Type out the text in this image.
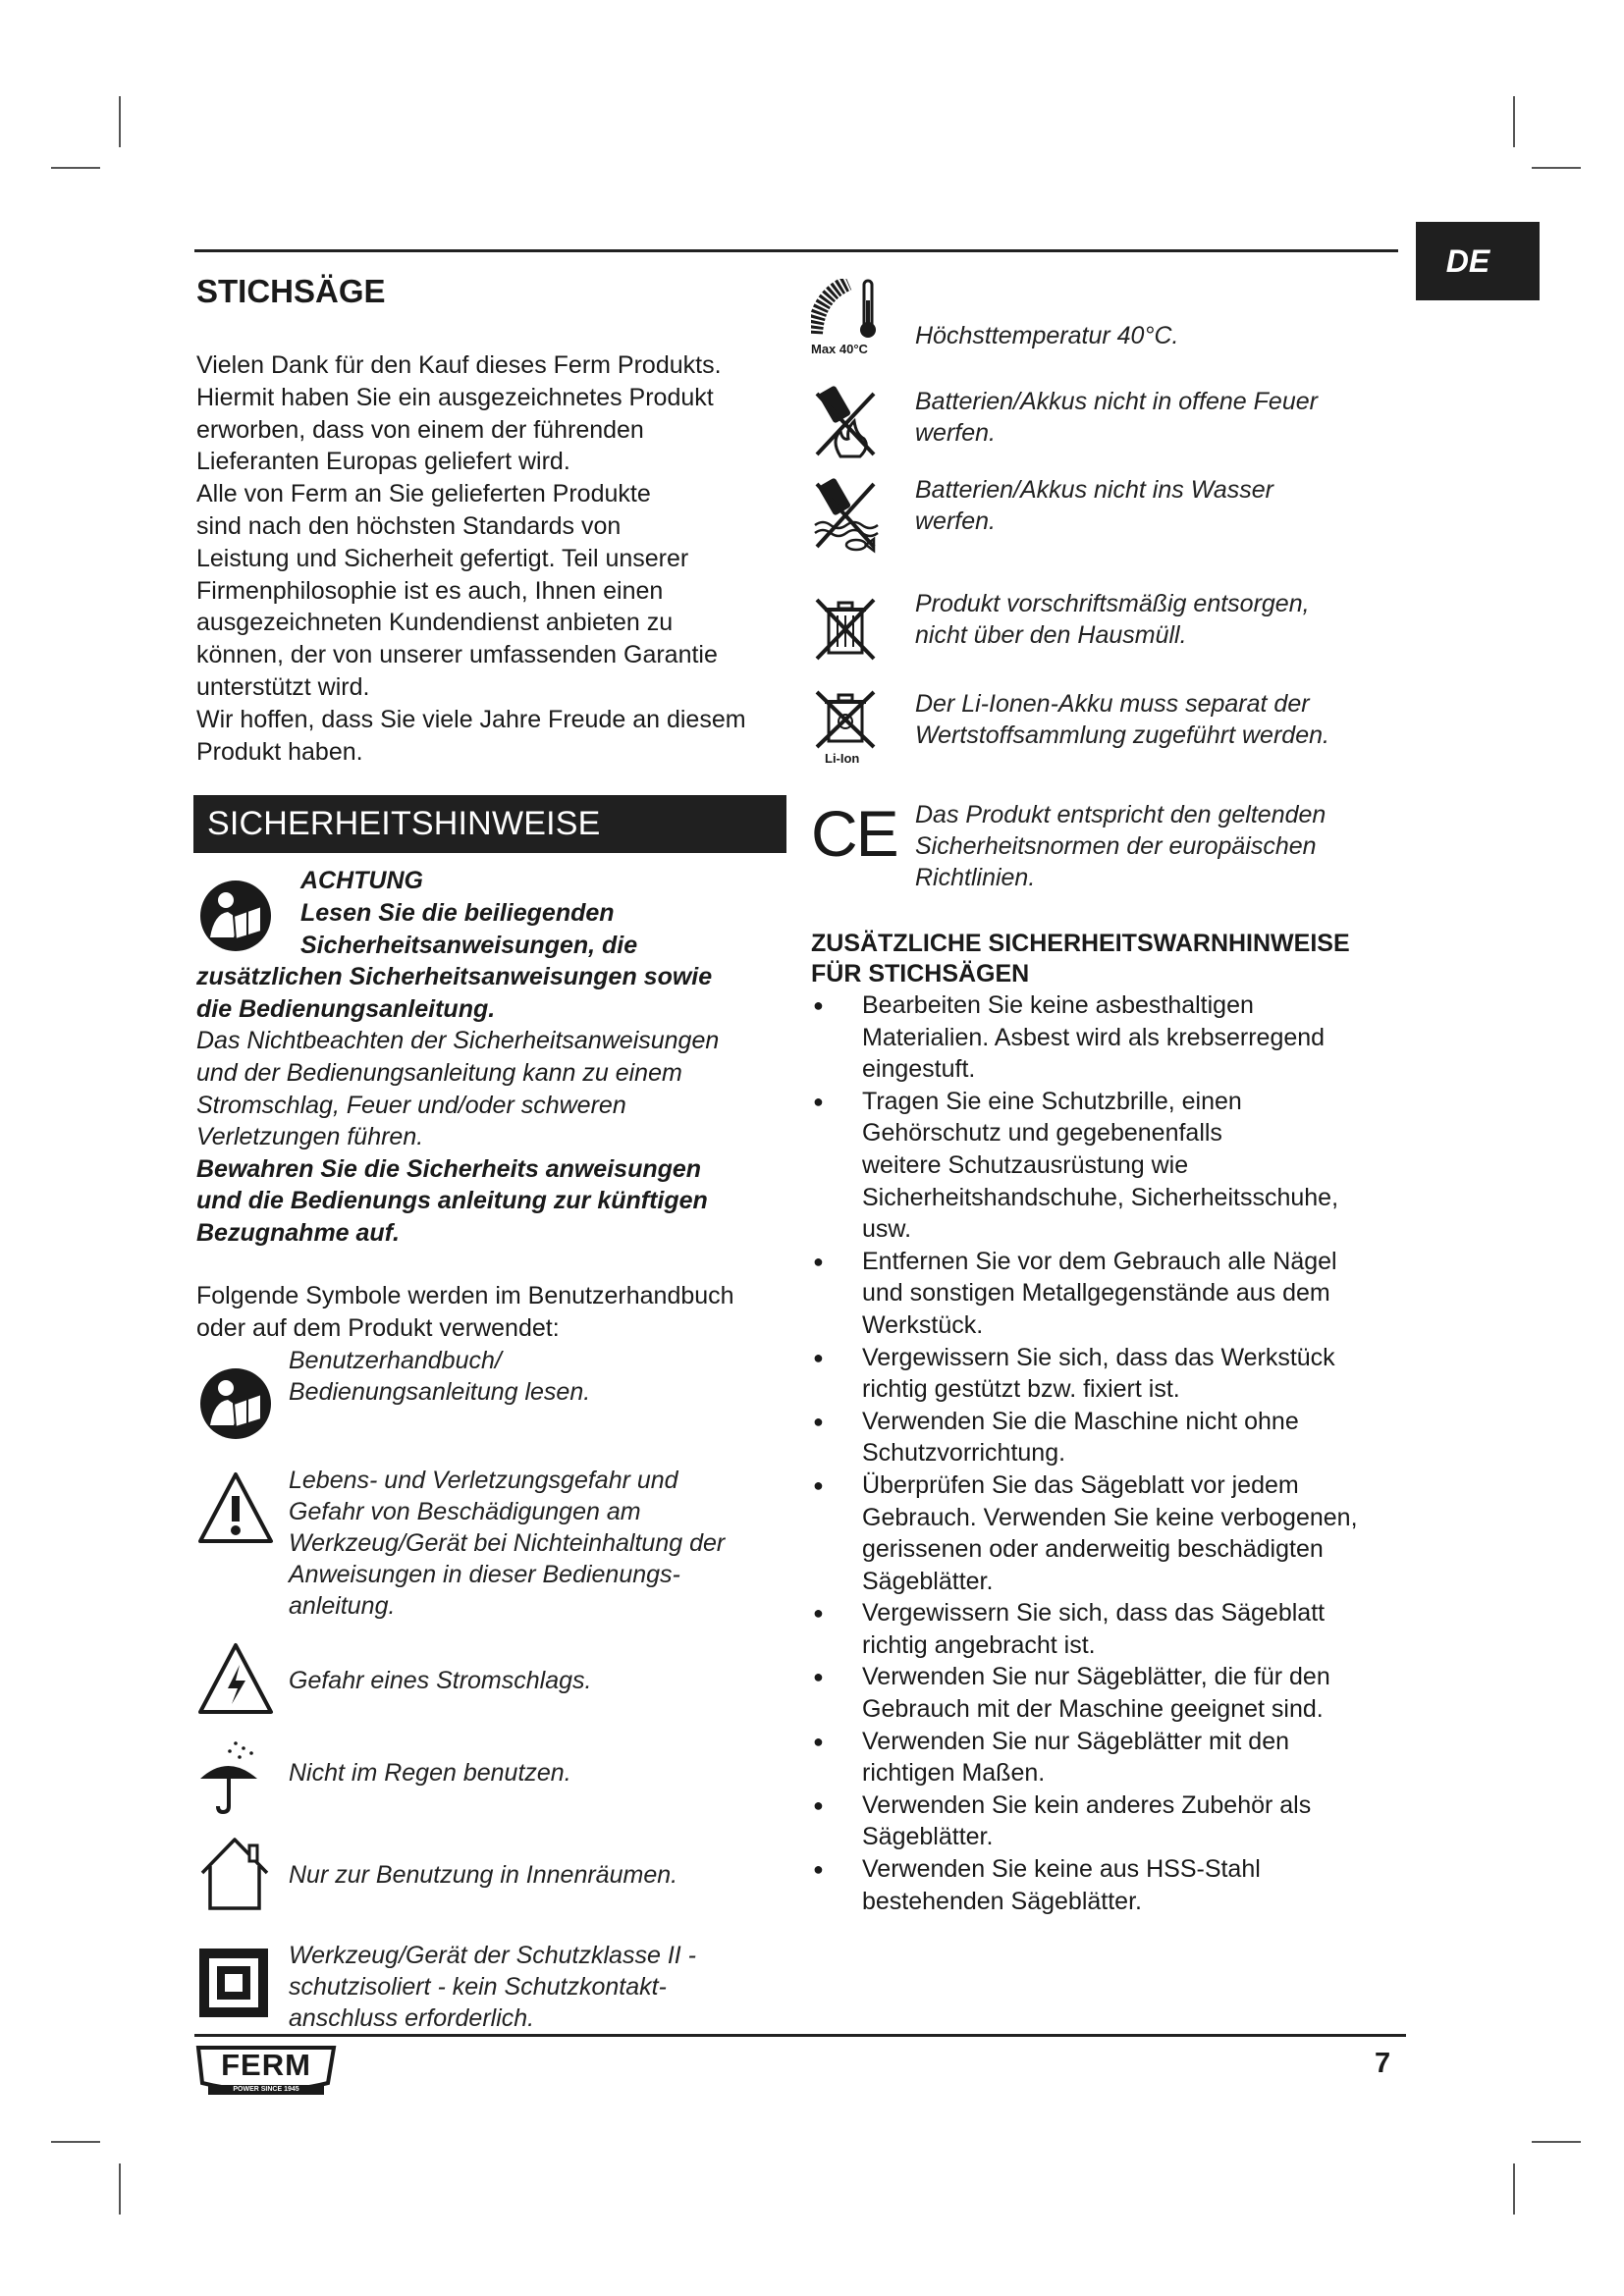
DE
STICHSÄGE
Vielen Dank für den Kauf dieses Ferm Produkts.
Hiermit haben Sie ein ausgezeichnetes Produkt
erworben, dass von einem der führenden
Lieferanten Europas geliefert wird.
Alle von Ferm an Sie gelieferten Produkte
sind nach den höchsten Standards von
Leistung und Sicherheit gefertigt. Teil unserer
Firmenphilosophie ist es auch, Ihnen einen
ausgezeichneten Kundendienst anbieten zu
können, der von unserer umfassenden Garantie
unterstützt wird.
Wir hoffen, dass Sie viele Jahre Freude an diesem
Produkt haben.
SICHERHEITSHINWEISE
ACHTUNG
Lesen Sie die beiliegenden
Sicherheitsanweisungen, die
zusätzlichen Sicherheitsanweisungen sowie
die Bedienungsanleitung.
Das Nichtbeachten der Sicherheitsanweisungen
und der Bedienungsanleitung kann zu einem
Stromschlag, Feuer und/oder schweren
Verletzungen führen.
Bewahren Sie die Sicherheits anweisungen
und die Bedienungs anleitung zur künftigen
Bezugnahme auf.
Folgende Symbole werden im Benutzerhandbuch
oder auf dem Produkt verwendet:
Benutzerhandbuch/
Bedienungsanleitung lesen.
Lebens- und Verletzungsgefahr und
Gefahr von Beschädigungen am
Werkzeug/Gerät bei Nichteinhaltung der
Anweisungen in dieser Bedienungs-
anleitung.
Gefahr eines Stromschlags.
Nicht im Regen benutzen.
Nur zur Benutzung in Innenräumen.
Werkzeug/Gerät der Schutzklasse II -
schutzisoliert - kein Schutzkontakt-
anschluss erforderlich.
Max 40°C Höchsttemperatur 40°C.
Batterien/Akkus nicht in offene Feuer
werfen.
Batterien/Akkus nicht ins Wasser
werfen.
Produkt vorschriftsmäßig entsorgen,
nicht über den Hausmüll.
Li-Ion
Der Li-Ionen-Akku muss separat der
Wertstoffsammlung zugeführt werden.
CE Das Produkt entspricht den geltenden
Sicherheitsnormen der europäischen
Richtlinien.
ZUSÄTZLICHE SICHERHEITSWARNHINWEISE
FÜR STICHSÄGEN
● Bearbeiten Sie keine asbesthaltigen
Materialien. Asbest wird als krebserregend
eingestuft.
● Tragen Sie eine Schutzbrille, einen
Gehörschutz und gegebenenfalls
weitere Schutzausrüstung wie
Sicherheitshandschuhe, Sicherheitsschuhe,
usw.
● Entfernen Sie vor dem Gebrauch alle Nägel
und sonstigen Metallgegenstände aus dem
Werkstück.
● Vergewissern Sie sich, dass das Werkstück
richtig gestützt bzw. fixiert ist.
● Verwenden Sie die Maschine nicht ohne
Schutzvorrichtung.
● Überprüfen Sie das Sägeblatt vor jedem
Gebrauch. Verwenden Sie keine verbogenen,
gerissenen oder anderweitig beschädigten
Sägeblätter.
● Vergewissern Sie sich, dass das Sägeblatt
richtig angebracht ist.
● Verwenden Sie nur Sägeblätter, die für den
Gebrauch mit der Maschine geeignet sind.
● Verwenden Sie nur Sägeblätter mit den
richtigen Maßen.
● Verwenden Sie kein anderes Zubehör als
Sägeblätter.
● Verwenden Sie keine aus HSS-Stahl
bestehenden Sägeblätter.
FERM
POWER SINCE 1945
7
